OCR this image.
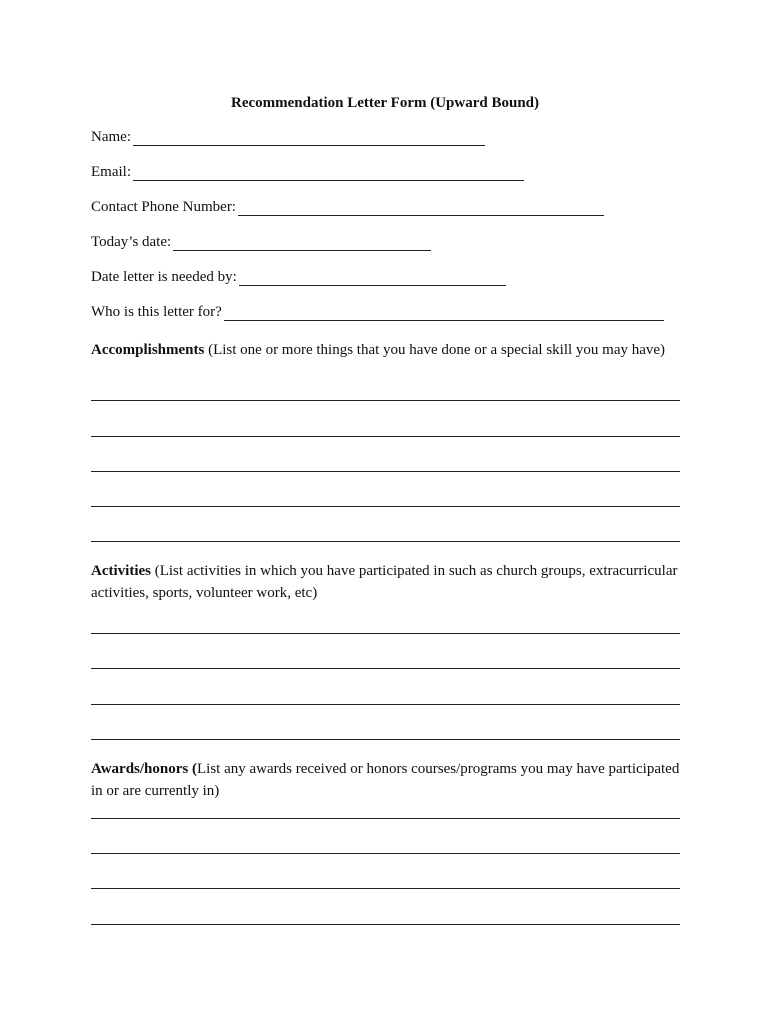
Recommendation Letter Form (Upward Bound)
Name:
Email:
Contact Phone Number:
Today’s date:
Date letter is needed by:
Who is this letter for?
Accomplishments (List one or more things that you have done or a special skill you may have)
Activities (List activities in which you have participated in such as church groups, extracurricular activities, sports, volunteer work, etc)
Awards/honors (List any awards received or honors courses/programs you may have participated in or are currently in)
